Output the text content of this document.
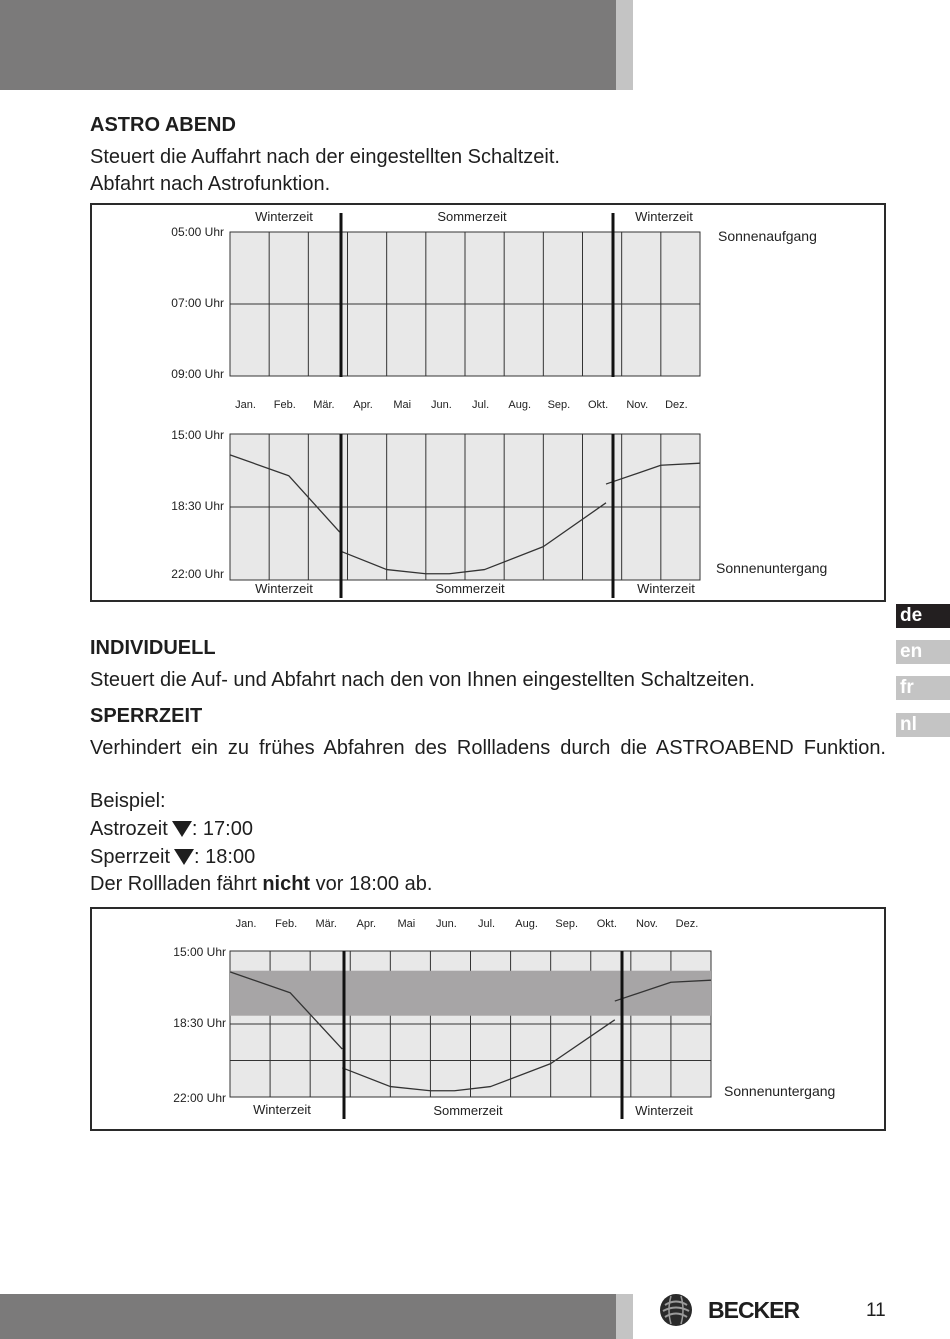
ASTRO ABEND

Steuert die Auffahrt nach der eingestellten Schaltzeit.

Abfahrt nach Astrofunktion.

05:00 Uhr
07:00 Uhr
09:00 Uhr
Winterzeit	Sommerzeit	Winterzeit
Sonnenaufgang
Jan. Feb. Mär. Apr. Mai Jun. Jul. Aug. Sep. Okt. Nov. Dez.
15:00 Uhr
18:30 Uhr
22:00 Uhr
Winterzeit	Sommerzeit	Winterzeit
Sonnenuntergang
INDIVIDUELL

Steuert die Auf- und Abfahrt nach den von Ihnen eingestellten Schaltzeiten.

SPERRZEIT

Verhindert ein zu frühes Abfahren des Rollladens durch die ASTROABEND Funktion.

Beispiel:

Astrozeit : 17:00

Sperrzeit : 18:00

Der Rollladen fährt nicht vor 18:00 ab.

Jan. Feb. Mär. Apr. Mai Jun. Jul. Aug. Sep. Okt. Nov. Dez.
15:00 Uhr
18:30 Uhr
22:00 Uhr
Winterzeit	Sommerzeit	Winterzeit
Sonnenuntergang
de
en
fr
nl
BECKER	11
